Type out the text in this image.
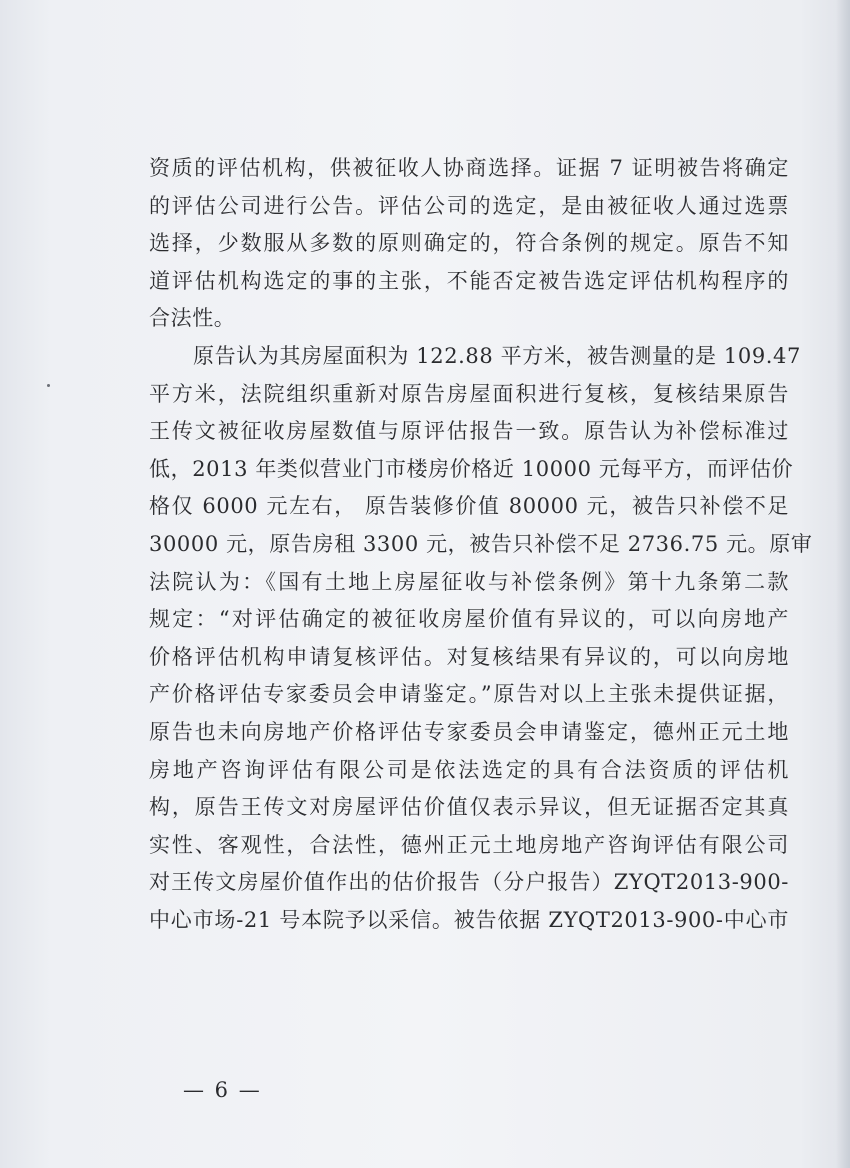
资质的评估机构，供被征收人协商选择。证据 7 证明被告将确定
的评估公司进行公告。评估公司的选定，是由被征收人通过选票
选择，少数服从多数的原则确定的，符合条例的规定。原告不知
道评估机构选定的事的主张，不能否定被告选定评估机构程序的
合法性。
原告认为其房屋面积为 122.88 平方米，被告测量的是 109.47
平方米，法院组织重新对原告房屋面积进行复核，复核结果原告
王传文被征收房屋数值与原评估报告一致。原告认为补偿标准过
低，2013 年类似营业门市楼房价格近 10000 元每平方，而评估价
格仅 6000 元左右， 原告装修价值 80000 元，被告只补偿不足
30000 元，原告房租 3300 元，被告只补偿不足 2736.75 元。原审
法院认为：《国有土地上房屋征收与补偿条例》第十九条第二款
规定：“对评估确定的被征收房屋价值有异议的，可以向房地产
价格评估机构申请复核评估。对复核结果有异议的，可以向房地
产价格评估专家委员会申请鉴定。”原告对以上主张未提供证据，
原告也未向房地产价格评估专家委员会申请鉴定，德州正元土地
房地产咨询评估有限公司是依法选定的具有合法资质的评估机
构，原告王传文对房屋评估价值仅表示异议，但无证据否定其真
实性、客观性，合法性，德州正元土地房地产咨询评估有限公司
对王传文房屋价值作出的估价报告（分户报告）ZYQT2013-900-
中心市场-21 号本院予以采信。被告依据 ZYQT2013-900-中心市
— 6 —
